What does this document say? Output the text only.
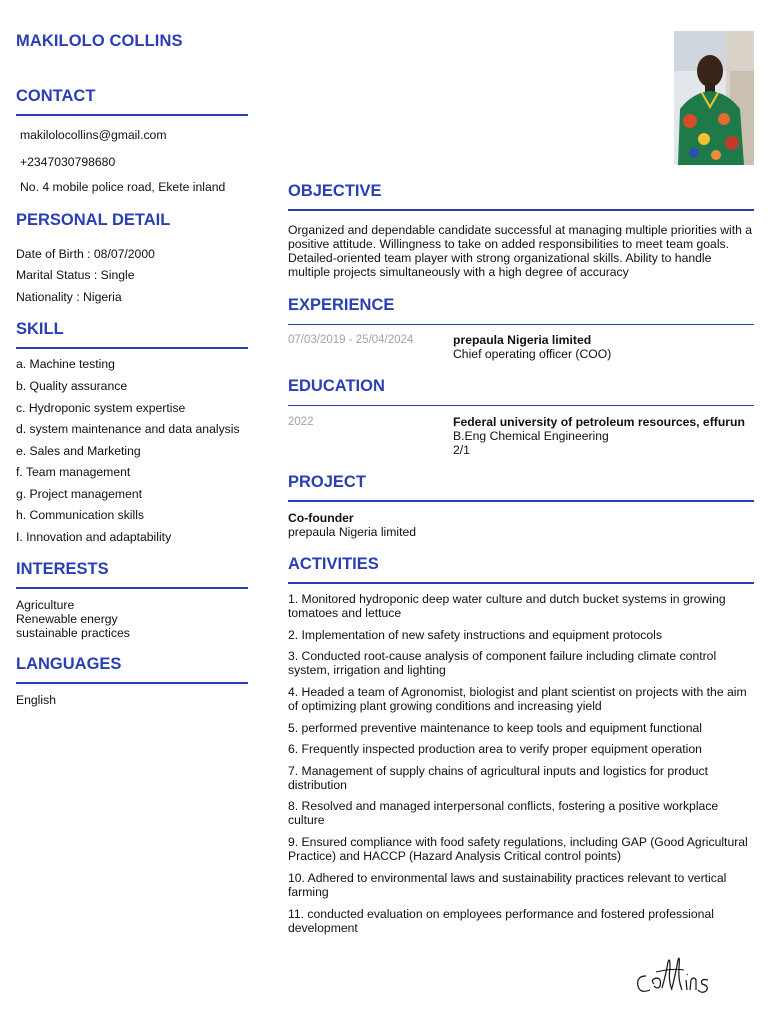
MAKILOLO COLLINS
CONTACT
makilolocollins@gmail.com
+2347030798680
No. 4 mobile police road, Ekete inland
PERSONAL DETAIL
Date of Birth : 08/07/2000
Marital Status : Single
Nationality : Nigeria
SKILL
a. Machine testing
b. Quality assurance
c. Hydroponic system expertise
d. system maintenance and data analysis
e. Sales and Marketing
f. Team management
g. Project management
h. Communication skills
I. Innovation and adaptability
INTERESTS
Agriculture
Renewable energy
sustainable practices
LANGUAGES
English
OBJECTIVE
Organized and dependable candidate successful at managing multiple priorities with a positive attitude. Willingness to take on added responsibilities to meet team goals. Detailed-oriented team player with strong organizational skills. Ability to handle multiple projects simultaneously with a high degree of accuracy
EXPERIENCE
07/03/2019 - 25/04/2024	prepaula Nigeria limited
Chief operating officer (COO)
EDUCATION
2022	Federal university of petroleum resources, effurun
B.Eng Chemical Engineering
2/1
PROJECT
Co-founder
prepaula Nigeria limited
ACTIVITIES
1. Monitored hydroponic deep water culture and dutch bucket systems in growing tomatoes and lettuce
2. Implementation of new safety instructions and equipment protocols
3. Conducted root-cause analysis of component failure including climate control system, irrigation and lighting
4. Headed a team of Agronomist, biologist and plant scientist on projects with the aim of optimizing plant growing conditions and increasing yield
5. performed preventive maintenance to keep tools and equipment functional
6. Frequently inspected production area to verify proper equipment operation
7. Management of supply chains of agricultural inputs and logistics for product distribution
8. Resolved and managed interpersonal conflicts, fostering a positive workplace culture
9. Ensured compliance with food safety regulations, including GAP (Good Agricultural Practice) and HACCP (Hazard Analysis Critical control points)
10. Adhered to environmental laws and sustainability practices relevant to vertical farming
11. conducted evaluation on employees performance and fostered professional development
